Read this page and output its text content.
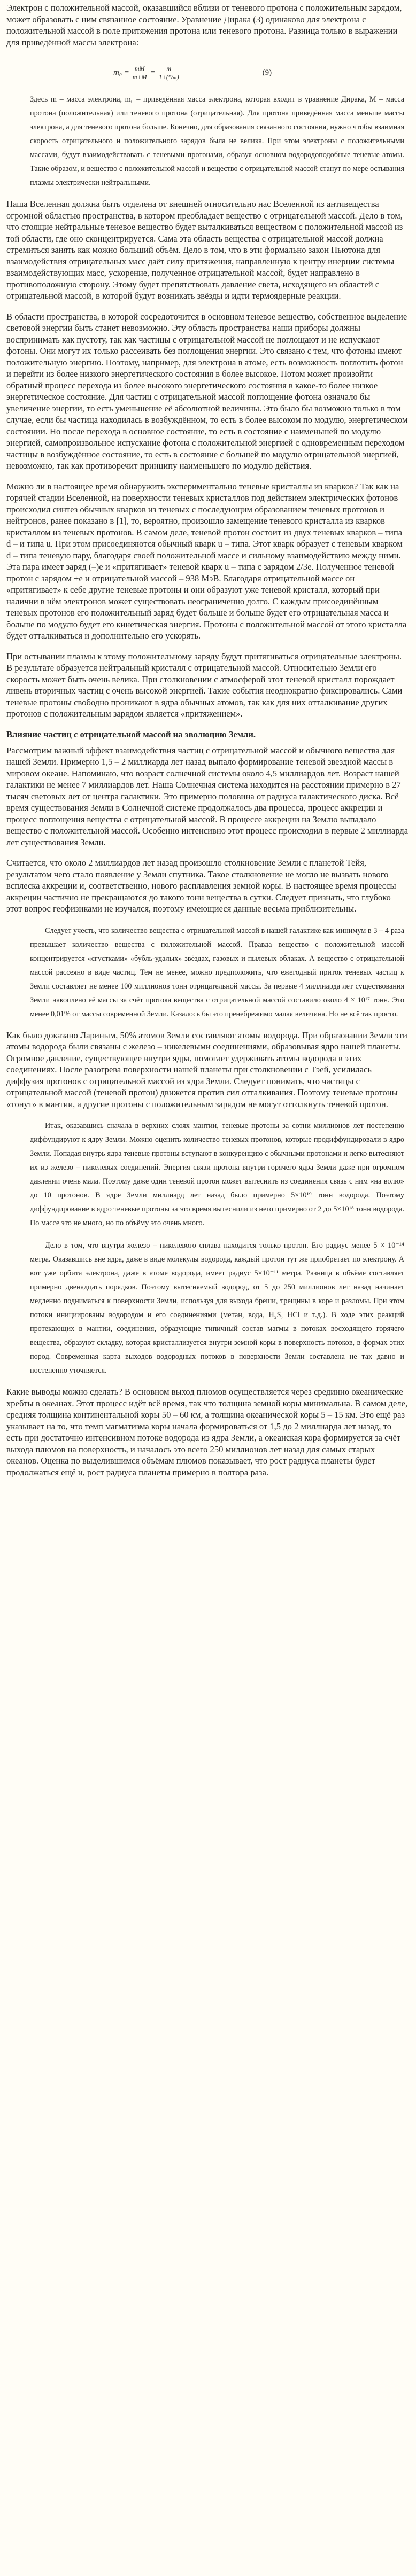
Электрон с положительной массой, оказавшийся вблизи от теневого протона с положительным зарядом, может образовать с ним связанное состояние. Уравнение Дирака (3) одинаково для электрона с положительной массой в поле притяжения протона или теневого протона. Разница только в выражении для приведённой массы электрона:

$m_0 = \frac{mM}{m+M} = \frac{m}{\text{1+(ᵐ/ₘ)}}$	(9)

Здесь m – масса электрона, m₀ – приведённая масса электрона, которая входит в уравнение Дирака, M – масса протона (положительная) или теневого протона (отрицательная). Для протона приведённая масса меньше массы электрона, а для теневого протона больше. Конечно, для образования связанного состояния, нужно чтобы взаимная скорость отрицательного и положительного зарядов была не велика. При этом электроны с положительными массами, будут взаимодействовать с теневыми протонами, образуя основном водородоподобные теневые атомы. Такие образом, и вещество с положительной массой и вещество с отрицательной массой станут по мере остывания плазмы электрически нейтральными.

Наша Вселенная должна быть отделена от внешней относительно нас Вселенной из антивещества огромной областью пространства, в котором преобладает вещество с отрицательной массой. Дело в том, что стоящие нейтральные теневое вещество будет выталкиваться веществом с положительной массой из той области, где оно сконцентрируется. Сама эта область вещества с отрицательной массой должна стремиться занять как можно больший объём. Дело в том, что в эти формально закон Ньютона для взаимодействия отрицательных масс даёт силу притяжения, направленную к центру инерции системы взаимодействующих масс, ускорение, полученное отрицательной массой, будет направлено в противоположную сторону. Этому будет препятствовать давление света, исходящего из областей с отрицательной массой, в которой будут возникать звёзды и идти термоядерные реакции.

В области пространства, в которой сосредоточится в основном теневое вещество, собственное выделение световой энергии быть станет невозможно. Эту область пространства наши приборы должны воспринимать как пустоту, так как частицы с отрицательной массой не поглощают и не испускают фотоны. Они могут их только рассеивать без поглощения энергии. Это связано с тем, что фотоны имеют положительную энергию. Поэтому, например, для электрона в атоме, есть возможность поглотить фотон и перейти из более низкого энергетического состояния в более высокое. Потом может произойти обратный процесс перехода из более высокого энергетического состояния в какое-то более низкое энергетическое состояние. Для частиц с отрицательной массой поглощение фотона означало бы увеличение энергии, то есть уменьшение её абсолютной величины. Это было бы возможно только в том случае, если бы частица находилась в возбуждённом, то есть в более высоком по модулю, энергетическом состоянии. Но после перехода в основное состояние, то есть в состояние с наименьшей по модулю энергией, самопроизвольное испускание фотона с положительной энергией с одновременным переходом частицы в возбуждённое состояние, то есть в состояние с большей по модулю отрицательной энергией, невозможно, так как противоречит принципу наименьшего по модулю действия.

Можно ли в настоящее время обнаружить экспериментально теневые кристаллы из кварков? Так как на горячей стадии Вселенной, на поверхности теневых кристаллов под действием электрических фотонов происходил синтез обычных кварков из теневых с последующим образованием теневых протонов и нейтронов, ранее показано в [1], то, вероятно, произошло замещение теневого кристалла из кварков кристаллом из теневых протонов. В самом деле, теневой протон состоит из двух теневых кварков – типа d – и типа u. При этом присоединяются обычный кварк u – типа. Этот кварк образует с теневым кварком d – типа теневую пару, благодаря своей положительной массе и сильному взаимодействию между ними. Эта пара имеет заряд (–)е и «притягивает» теневой кварк u – типа с зарядом 2/3e. Полученное теневой протон с зарядом +e и отрицательной массой – 938 МэВ. Благодаря отрицательной массе он «притягивает» к себе другие теневые протоны и они образуют уже теневой кристалл, который при наличии в нём электронов может существовать неограниченно долго. С каждым присоединённым теневых протонов его положительный заряд будет больше и больше будет его отрицательная масса и больше по модулю будет его кинетическая энергия. Протоны с положительной массой от этого кристалла будет отталкиваться и дополнительно его ускорять.

При остывании плазмы к этому положительному заряду будут притягиваться отрицательные электроны. В результате образуется нейтральный кристалл с отрицательной массой. Относительно Земли его скорость может быть очень велика. При столкновении с атмосферой этот теневой кристалл порождает ливень вторичных частиц с очень высокой энергией. Такие события неоднократно фиксировались. Сами теневые протоны свободно проникают в ядра обычных атомов, так как для них отталкивание других протонов с положительным зарядом является «притяжением».

Влияние частиц с отрицательной массой на эволюцию Земли.

Рассмотрим важный эффект взаимодействия частиц с отрицательной массой и обычного вещества для нашей Земли. Примерно 1,5 – 2 миллиарда лет назад выпало формирование теневой звездной массы в мировом океане. Напоминаю, что возраст солнечной системы около 4,5 миллиардов лет. Возраст нашей галактики не менее 7 миллиардов лет. Наша Солнечная система находится на расстоянии примерно в 27 тысяч световых лет от центра галактики. Это примерно половина от радиуса галактического диска. Всё время существования Земли в Солнечной системе продолжалось два процесса, процесс аккреции и процесс поглощения вещества с отрицательной массой. В процессе аккреции на Землю выпадало вещество с положительной массой. Особенно интенсивно этот процесс происходил в первые 2 миллиарда лет существования Земли.

Считается, что около 2 миллиардов лет назад произошло столкновение Земли с планетой Тейя, результатом чего стало появление у Земли спутника. Такое столкновение не могло не вызвать нового всплеска аккреции и, соответственно, нового расплавления земной коры. В настоящее время процессы аккреции частично не прекращаются до такого тонн вещества в сутки. Следует признать, что глубоко этот вопрос геофизиками не изучался, поэтому имеющиеся данные весьма приблизительны.

Следует учесть, что количество вещества с отрицательной массой в нашей галактике как минимум в 3 – 4 раза превышает количество вещества с положительной массой. Правда вещество с положительной массой концентрируется «сгустками» «бубль-удалых» звёздах, газовых и пылевых облаках. А вещество с отрицательной массой рассеяно в виде частиц. Тем не менее, можно предположить, что ежегодный приток теневых частиц к Земли составляет не менее 100 миллионов тонн отрицательной массы. За первые 4 миллиарда лет существования Земли накоплено её массы за счёт протока вещества с отрицательной массой составило около 4 × 10¹⁷ тонн. Это менее 0,01% от массы современной Земли. Казалось бы это пренебрежимо малая величина. Но не всё так просто.

Как было доказано Лариным, 50% атомов Земли составляют атомы водорода. При образовании Земли эти атомы водорода были связаны с железо – никелевыми соединениями, образовывая ядро нашей планеты. Огромное давление, существующее внутри ядра, помогает удерживать атомы водорода в этих соединениях. После разогрева поверхности нашей планеты при столкновении с Тэей, усилилась диффузия протонов с отрицательной массой из ядра Земли. Следует понимать, что частицы с отрицательной массой (теневой протон) движется против сил отталкивания. Поэтому теневые протоны «тонут» в мантии, а другие протоны с положительным зарядом не могут оттолкнуть теневой протон.

Итак, оказавшись сначала в верхних слоях мантии, теневые протоны за сотни миллионов лет постепенно диффундируют к ядру Земли. Можно оценить количество теневых протонов, которые продиффундировали в ядро Земли. Попадая внутрь ядра теневые протоны вступают в конкуренцию с обычными протонами и легко вытесняют их из железо – никелевых соединений. Энергия связи протона внутри горячего ядра Земли даже при огромном давлении очень мала. Поэтому даже один теневой протон может вытеснить из соединения связь с ним «на волю» до 10 протонов. В ядре Земли миллиард лет назад было примерно 5×10¹⁹ тонн водорода. Поэтому диффундирование в ядро теневые протоны за это время вытеснили из него примерно от 2 до 5×10¹⁸ тонн водорода. По массе это не много, но по объёму это очень много.

Дело в том, что внутри железо – никелевого сплава находится только протон. Его радиус менее 5 × 10⁻¹⁴ метра. Оказавшись вне ядра, даже в виде молекулы водорода, каждый протон тут же приобретает по электрону. А вот уже орбита электрона, даже в атоме водорода, имеет радиус 5×10⁻¹¹ метра. Разница в объёме составляет примерно двенадцать порядков. Поэтому вытесняемый водород, от 5 до 250 миллионов лет назад начинает медленно подниматься к поверхности Земли, используя для выхода бреши, трещины в коре и разломы. При этом потоки инициированы водородом и его соединениями (метан, вода, H₂S, HCl и т.д.). В ходе этих реакций протекающих в мантии, соединения, образующие типичный состав магмы в потоках восходящего горячего вещества, образуют складку, которая кристаллизуется внутри земной коры в поверхность потоков, в формах этих пород. Современная карта выходов водородных потоков в поверхности Земли составлена не так давно и постепенно уточняется.

Какие выводы можно сделать? В основном выход плюмов осуществляется через срединно океанические хребты в океанах. Этот процесс идёт всё время, так что толщина земной коры минимальна. В самом деле, средняя толщина континентальной коры 50 – 60 км, а толщина океанической коры 5 – 15 км. Это ещё раз указывает на то, что темп магматизма коры начала формироваться от 1,5 до 2 миллиарда лет назад, то есть при достаточно интенсивном потоке водорода из ядра Земли, а океанская кора формируется за счёт выхода плюмов на поверхность, и началось это всего 250 миллионов лет назад для самых старых океанов. Оценка по выделившимся объёмам плюмов показывает, что рост радиуса планеты будет продолжаться ещё и, рост радиуса планеты примерно в полтора раза.
